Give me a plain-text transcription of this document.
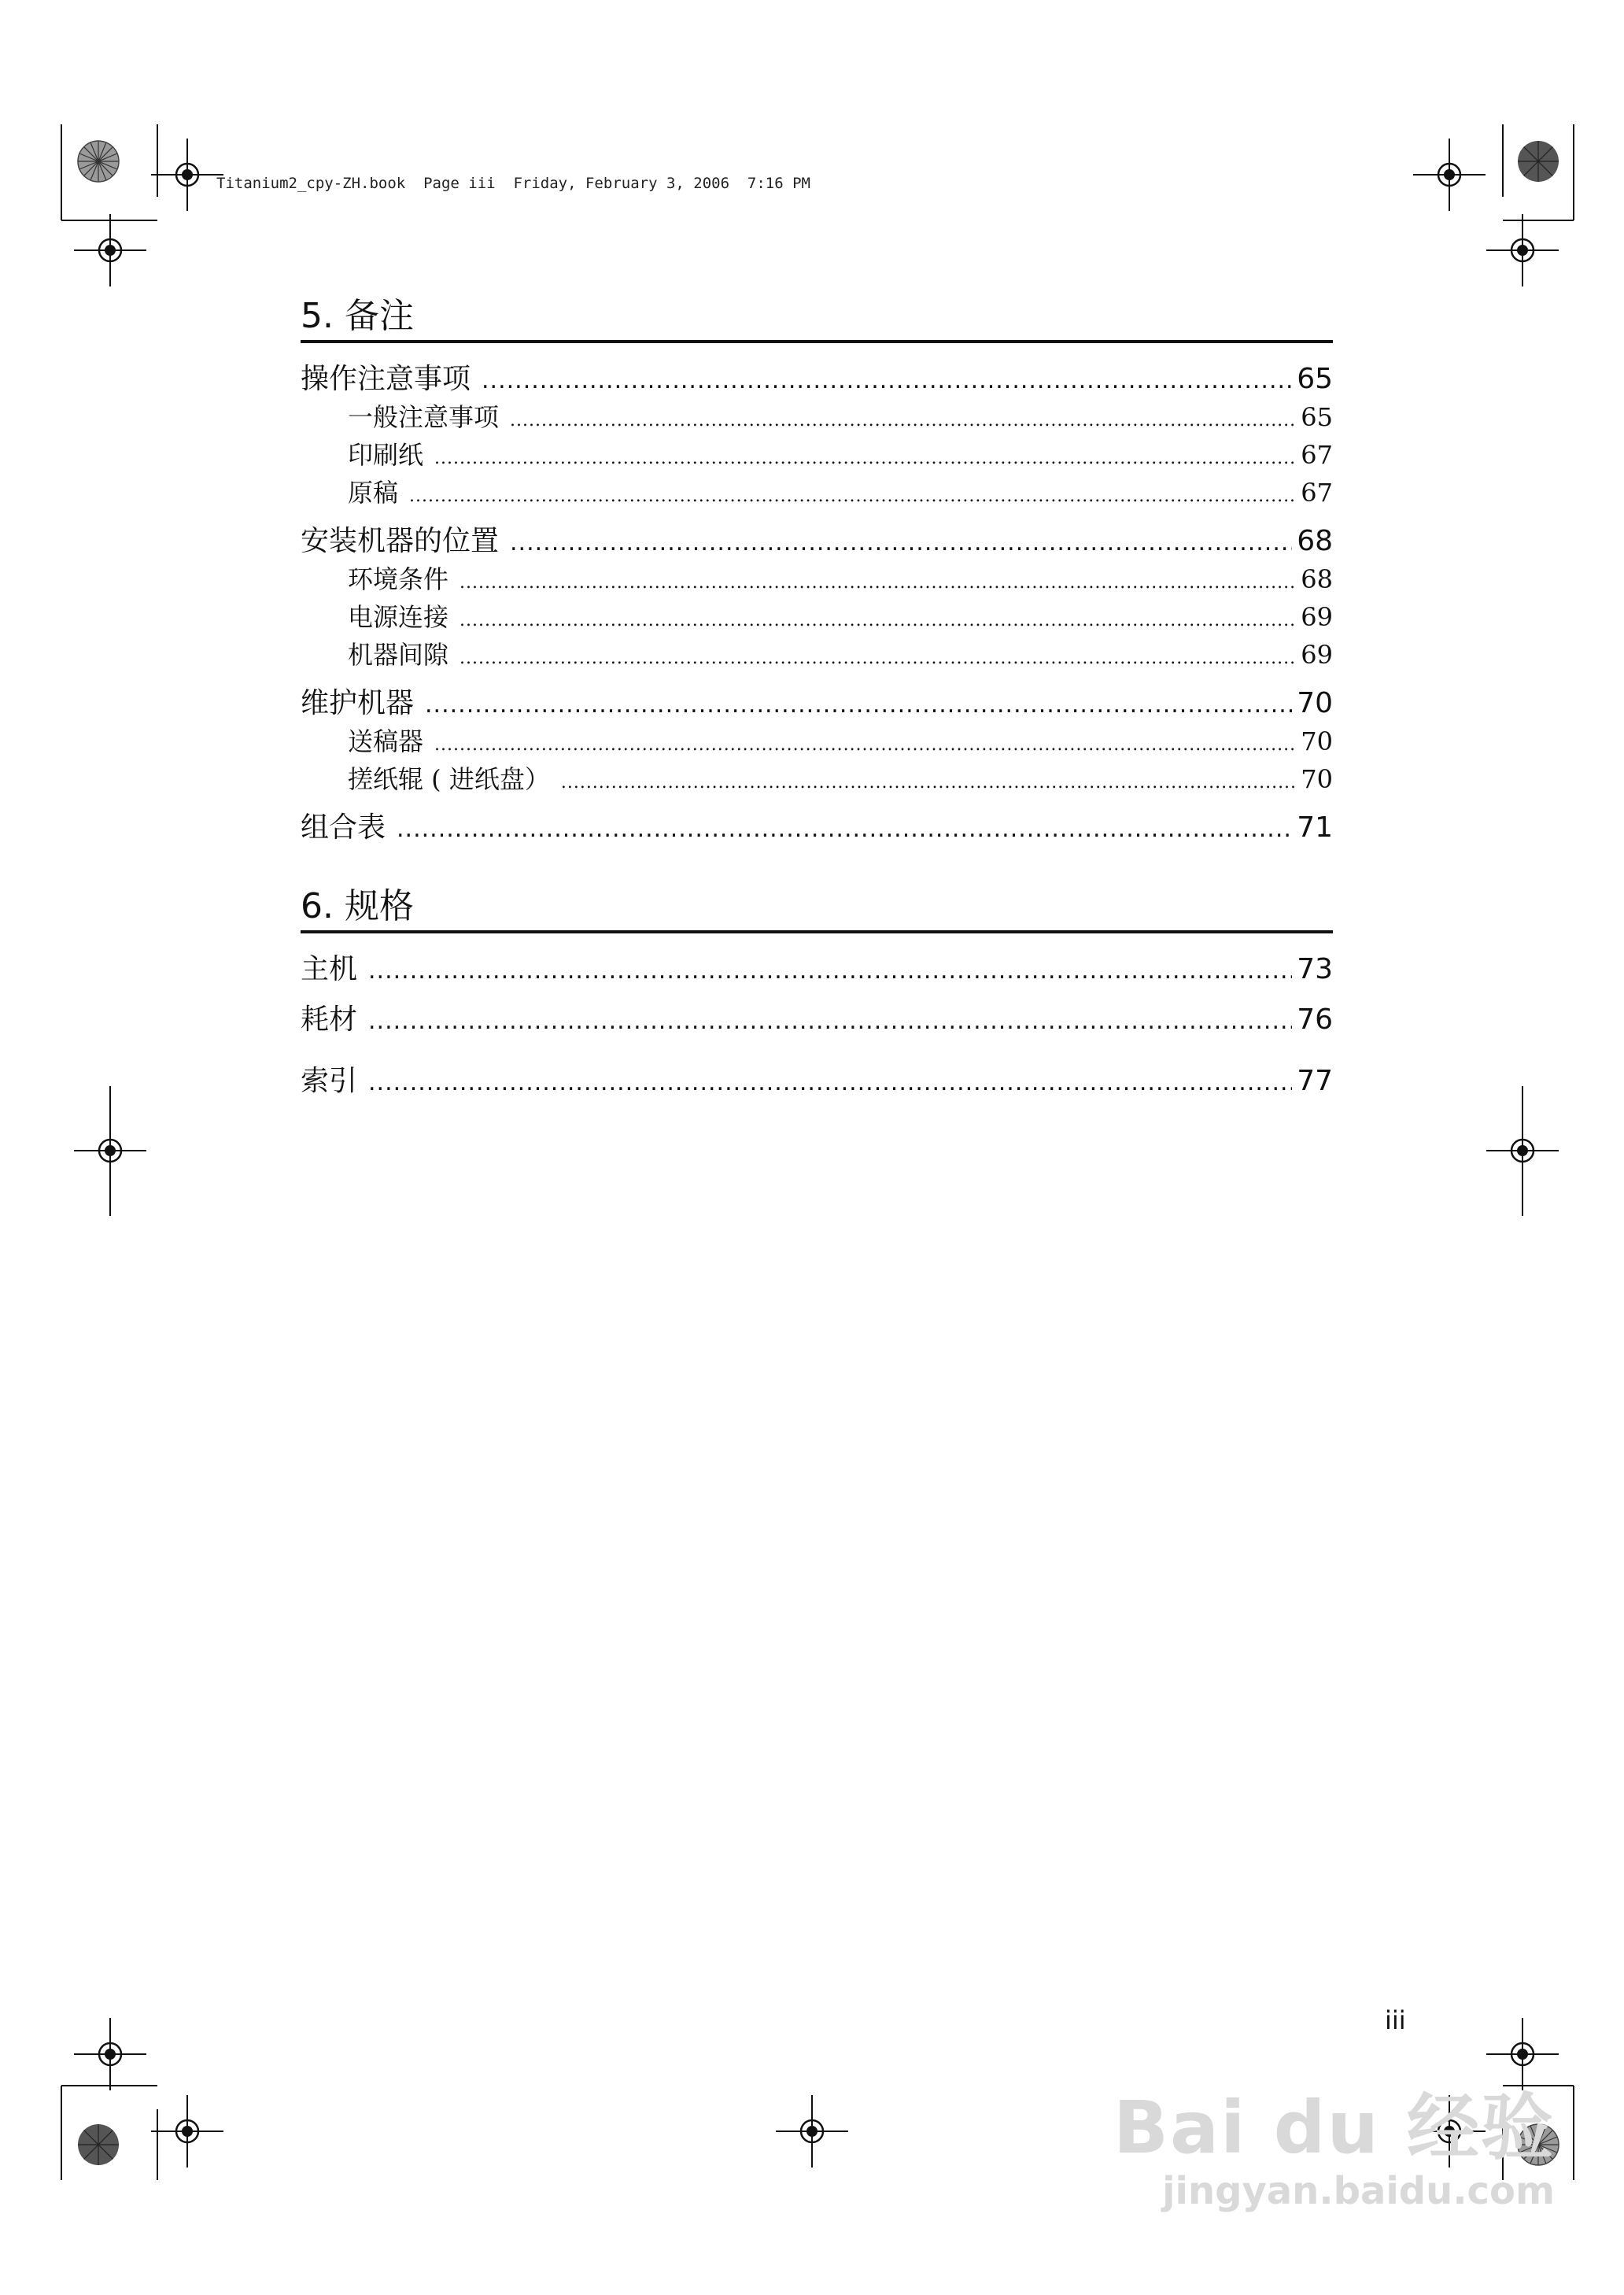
Titanium2_cpy-ZH.book  Page iii  Friday, February 3, 2006  7:16 PM
5. 备注
操作注意事项 .....	65
一般注意事项 .....	65
印刷纸 .....	67
原稿 .....	67
安装机器的位置 .....	68
环境条件 .....	68
电源连接 .....	69
机器间隙 .....	69
维护机器 .....	70
送稿器 .....	70
搓纸辊 ( 进纸盘） .....	70
组合表 .....	71
6. 规格
主机 .....	73
耗材 .....	76
索引 .....	77
iii
Bai du 经验
jingyan.baidu.com
